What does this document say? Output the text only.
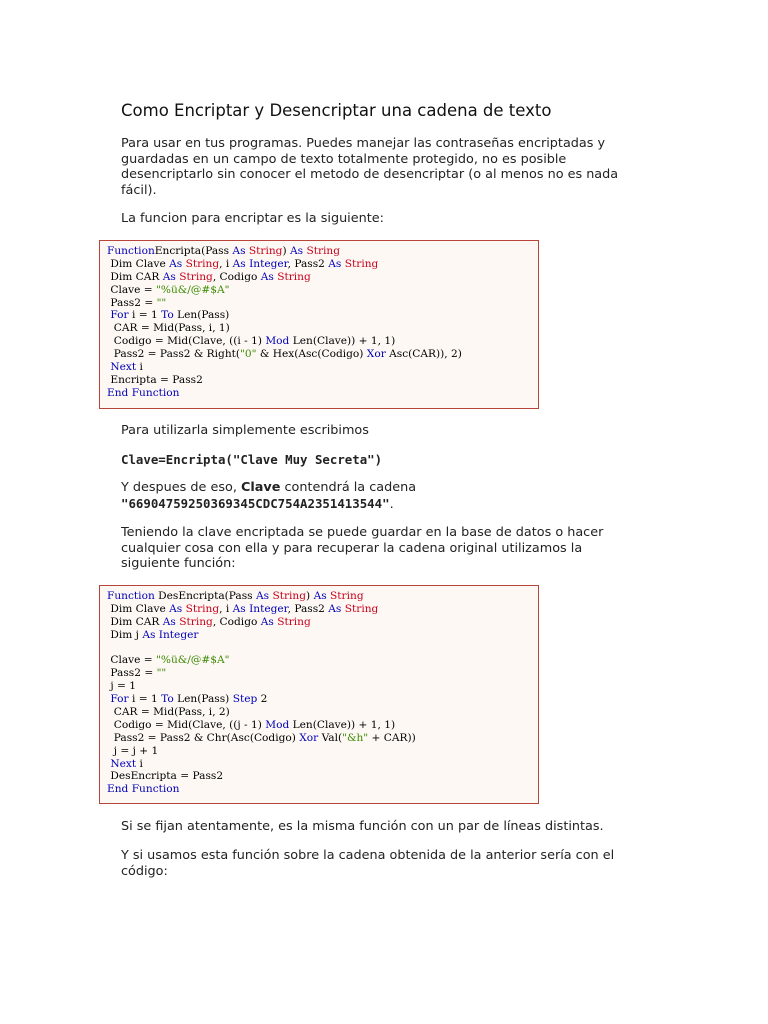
Como Encriptar y Desencriptar una cadena de texto
Para usar en tus programas. Puedes manejar las contraseñas encriptadas y guardadas en un campo de texto totalmente protegido, no es posible desencriptarlo sin conocer el metodo de desencriptar (o al menos no es nada fácil).
La funcion para encriptar es la siguiente:
FunctionEncripta(Pass As String) As String
Dim Clave As String, i As Integer, Pass2 As String
Dim CAR As String, Codigo As String
Clave = "%ü&/@#$A"
Pass2 = ""
For i = 1 To Len(Pass)
CAR = Mid(Pass, i, 1)
Codigo = Mid(Clave, ((i - 1) Mod Len(Clave)) + 1, 1)
Pass2 = Pass2 & Right("0" & Hex(Asc(Codigo) Xor Asc(CAR)), 2)
Next i
Encripta = Pass2
End Function
Para utilizarla simplemente escribimos
Clave=Encripta("Clave Muy Secreta")
Y despues de eso, Clave contendrá la cadena
"66904759250369345CDC754A2351413544".
Teniendo la clave encriptada se puede guardar en la base de datos o hacer cualquier cosa con ella y para recuperar la cadena original utilizamos la siguiente función:
Function DesEncripta(Pass As String) As String
Dim Clave As String, i As Integer, Pass2 As String
Dim CAR As String, Codigo As String
Dim j As Integer

Clave = "%ü&/@#$A"
Pass2 = ""
j = 1
For i = 1 To Len(Pass) Step 2
CAR = Mid(Pass, i, 2)
Codigo = Mid(Clave, ((j - 1) Mod Len(Clave)) + 1, 1)
Pass2 = Pass2 & Chr(Asc(Codigo) Xor Val("&h" + CAR))
j = j + 1
Next i
DesEncripta = Pass2
End Function
Si se fijan atentamente, es la misma función con un par de líneas distintas.
Y si usamos esta función sobre la cadena obtenida de la anterior sería con el código:
